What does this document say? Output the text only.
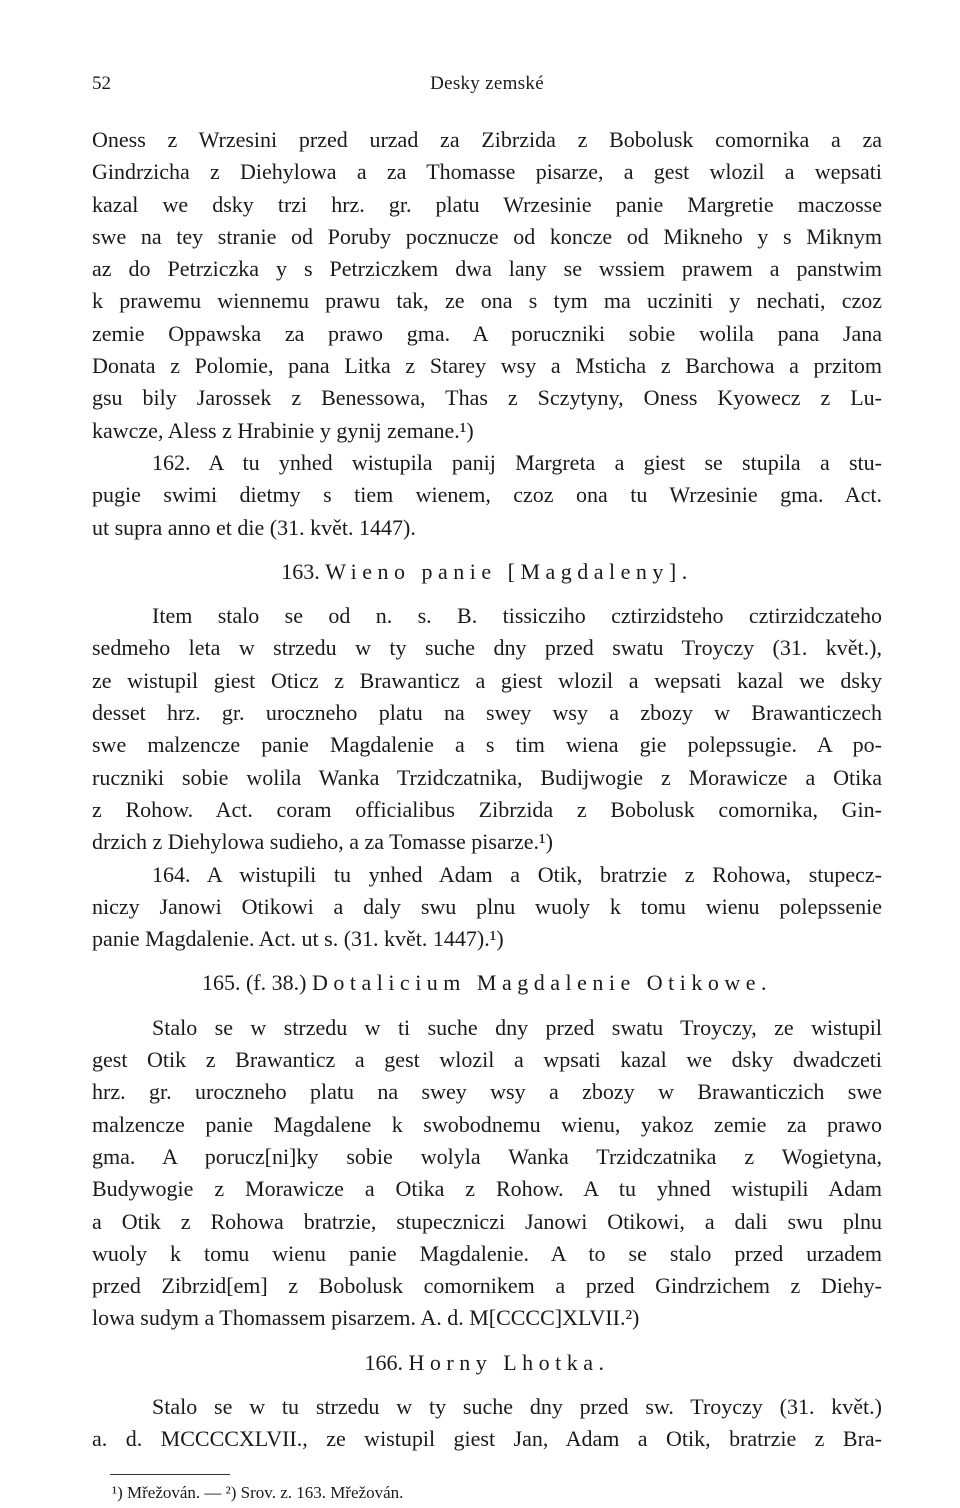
52	Desky zemské
Oness z Wrzesini przed urzad za Zibrzida z Bobolusk comornika a za
Gindrzicha z Diehylowa a za Thomasse pisarze, a gest wlozil a wepsati
kazal we dsky trzi hrz. gr. platu Wrzesinie panie Margretie maczosse
swe na tey stranie od Poruby pocznucze od koncze od Mikneho y s Miknym
az do Petrziczka y s Petrziczkem dwa lany se wssiem prawem a panstwim
k prawemu wiennemu prawu tak, ze ona s tym ma ucziniti y nechati, czoz
zemie Oppawska za prawo gma. A poruczniki sobie wolila pana Jana
Donata z Polomie, pana Litka z Starey wsy a Msticha z Barchowa a przitom
gsu bily Jarossek z Benessowa, Thas z Sczytyny, Oness Kyowecz z Lu-
kawcze, Aless z Hrabinie y gynij zemane.¹)
162. A tu ynhed wistupila panij Margreta a giest se stupila a stu-
pugie swimi dietmy s tiem wienem, czoz ona tu Wrzesinie gma. Act.
ut supra anno et die (31. květ. 1447).
163. Wieno panie [Magdaleny].
Item stalo se od n. s. B. tissicziho cztirzidsteho cztirzidczateho
sedmeho leta w strzedu w ty suche dny przed swatu Troyczy (31. květ.),
ze wistupil giest Oticz z Brawanticz a giest wlozil a wepsati kazal we dsky
desset hrz. gr. uroczneho platu na swey wsy a zbozy w Brawanticzech
swe malzencze panie Magdalenie a s tim wiena gie polepssugie. A po-
ruczniki sobie wolila Wanka Trzidczatnika, Budijwogie z Morawicze a Otika
z Rohow. Act. coram officialibus Zibrzida z Bobolusk comornika, Gin-
drzich z Diehylowa sudieho, a za Tomasse pisarze.¹)
164. A wistupili tu ynhed Adam a Otik, bratrzie z Rohowa, stupecz-
niczy Janowi Otikowi a daly swu plnu wuoly k tomu wienu polepssenie
panie Magdalenie. Act. ut s. (31. květ. 1447).¹)
165. (f. 38.) Dotalicium Magdalenie Otikowe.
Stalo se w strzedu w ti suche dny przed swatu Troyczy, ze wistupil
gest Otik z Brawanticz a gest wlozil a wpsati kazal we dsky dwadczeti
hrz. gr. uroczneho platu na swey wsy a zbozy w Brawanticzich swe
malzencze panie Magdalene k swobodnemu wienu, yakoz zemie za prawo
gma. A porucz[ni]ky sobie wolyla Wanka Trzidczatnika z Wogietyna,
Budywogie z Morawicze a Otika z Rohow. A tu yhned wistupili Adam
a Otik z Rohowa bratrzie, stupeczniczi Janowi Otikowi, a dali swu plnu
wuoly k tomu wienu panie Magdalenie. A to se stalo przed urzadem
przed Zibrzid[em] z Bobolusk comornikem a przed Gindrzichem z Diehy-
lowa sudym a Thomassem pisarzem. A. d. M[CCCC]XLVII.²)
166. Horny Lhotka.
Stalo se w tu strzedu w ty suche dny przed sw. Troyczy (31. květ.)
a. d. MCCCCXLVII., ze wistupil giest Jan, Adam a Otik, bratrzie z Bra-
¹) Mřežován. — ²) Srov. z. 163. Mřežován.
